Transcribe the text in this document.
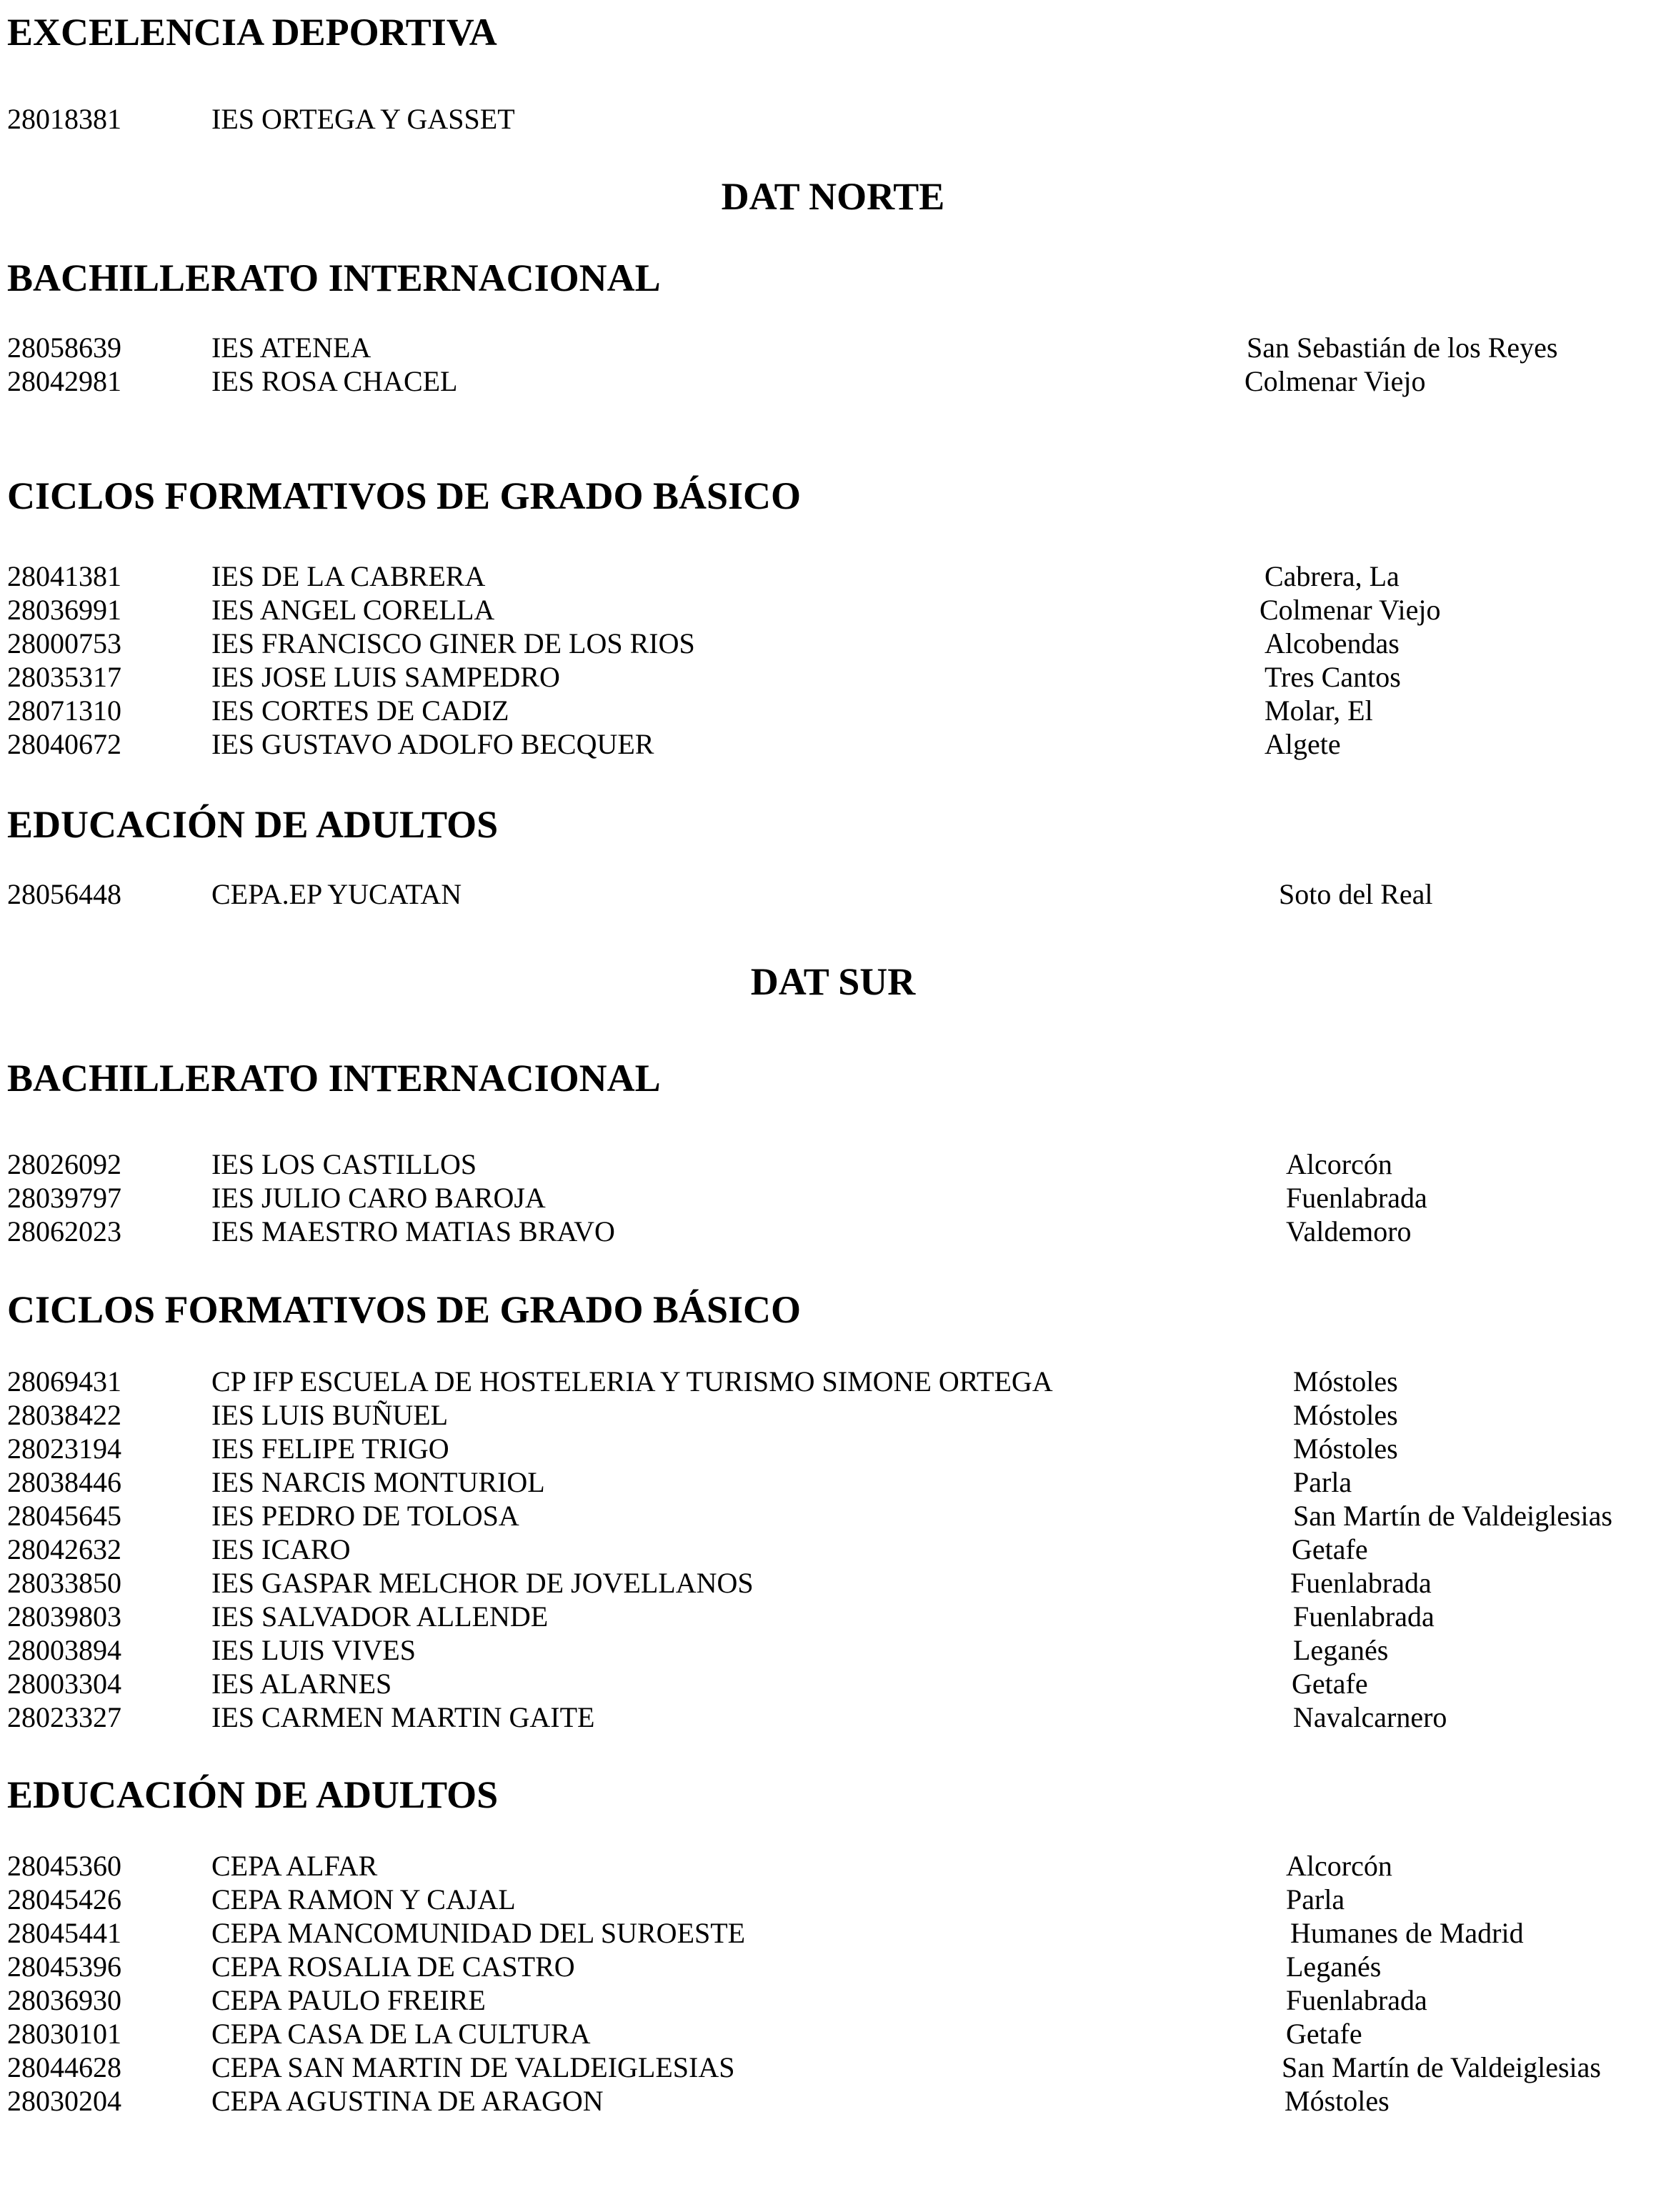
EXCELENCIA DEPORTIVA
28018381	IES ORTEGA Y GASSET
DAT NORTE
BACHILLERATO INTERNACIONAL
28058639	IES ATENEA	San Sebastián de los Reyes
28042981	IES ROSA CHACEL	Colmenar Viejo
CICLOS FORMATIVOS DE GRADO BÁSICO
28041381	IES DE LA CABRERA	Cabrera, La
28036991	IES ANGEL CORELLA	Colmenar Viejo
28000753	IES FRANCISCO GINER DE LOS RIOS	Alcobendas
28035317	IES JOSE LUIS SAMPEDRO	Tres Cantos
28071310	IES CORTES DE CADIZ	Molar, El
28040672	IES GUSTAVO ADOLFO BECQUER	Algete
EDUCACIÓN DE ADULTOS
28056448	CEPA.EP YUCATAN	Soto del Real
DAT SUR
BACHILLERATO INTERNACIONAL
28026092	IES LOS CASTILLOS	Alcorcón
28039797	IES JULIO CARO BAROJA	Fuenlabrada
28062023	IES MAESTRO MATIAS BRAVO	Valdemoro
CICLOS FORMATIVOS DE GRADO BÁSICO
28069431	CP IFP ESCUELA DE HOSTELERIA Y TURISMO SIMONE ORTEGA	Móstoles
28038422	IES LUIS BUÑUEL	Móstoles
28023194	IES FELIPE TRIGO	Móstoles
28038446	IES NARCIS MONTURIOL	Parla
28045645	IES PEDRO DE TOLOSA	San Martín de Valdeiglesias
28042632	IES ICARO	Getafe
28033850	IES GASPAR MELCHOR DE JOVELLANOS	Fuenlabrada
28039803	IES SALVADOR ALLENDE	Fuenlabrada
28003894	IES LUIS VIVES	Leganés
28003304	IES ALARNES	Getafe
28023327	IES CARMEN MARTIN GAITE	Navalcarnero
EDUCACIÓN DE ADULTOS
28045360	CEPA ALFAR	Alcorcón
28045426	CEPA RAMON Y CAJAL	Parla
28045441	CEPA MANCOMUNIDAD DEL SUROESTE	Humanes de Madrid
28045396	CEPA ROSALIA DE CASTRO	Leganés
28036930	CEPA PAULO FREIRE	Fuenlabrada
28030101	CEPA CASA DE LA CULTURA	Getafe
28044628	CEPA SAN MARTIN DE VALDEIGLESIAS	San Martín de Valdeiglesias
28030204	CEPA AGUSTINA DE ARAGON	Móstoles
